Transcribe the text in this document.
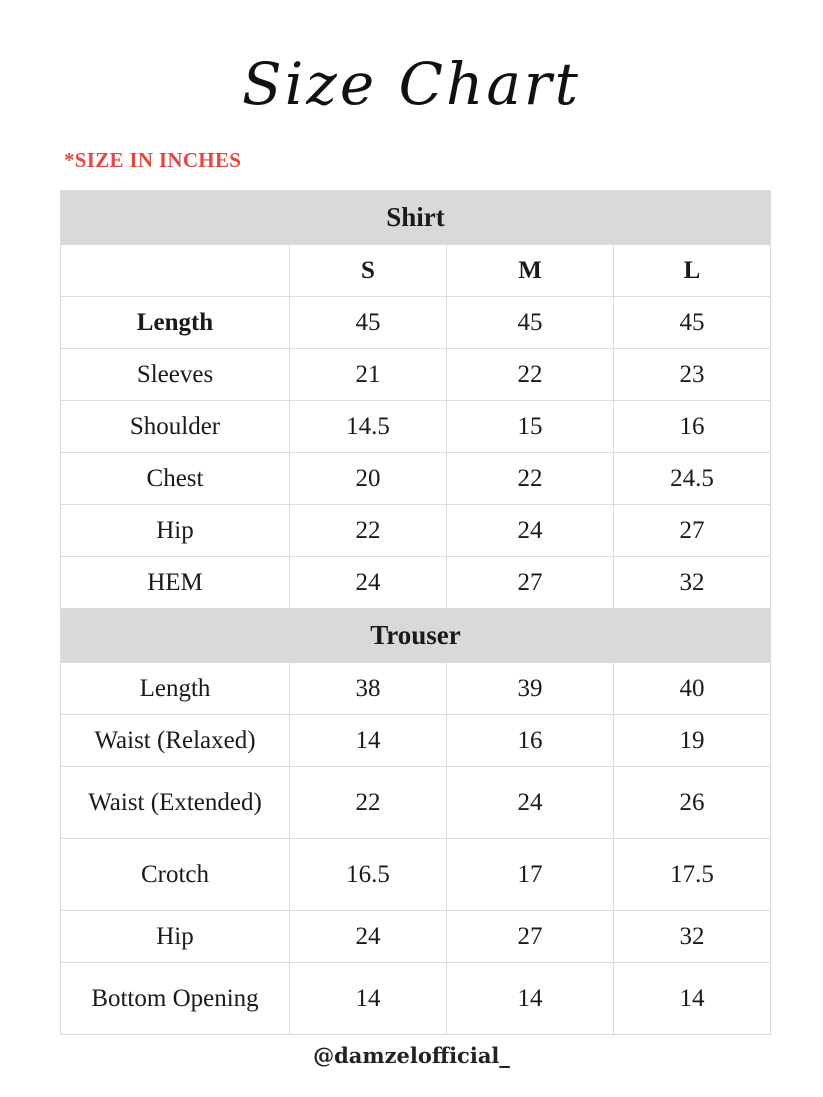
Size Chart
*SIZE IN INCHES
Shirt			
	S	M	L
Length	45	45	45
Sleeves	21	22	23
Shoulder	14.5	15	16
Chest	20	22	24.5
Hip	22	24	27
HEM	24	27	32
Trouser			
Length	38	39	40
Waist (Relaxed)	14	16	19
Waist (Extended)	22	24	26
Crotch	16.5	17	17.5
Hip	24	27	32
Bottom Opening	14	14	14
@damzelofficial_
